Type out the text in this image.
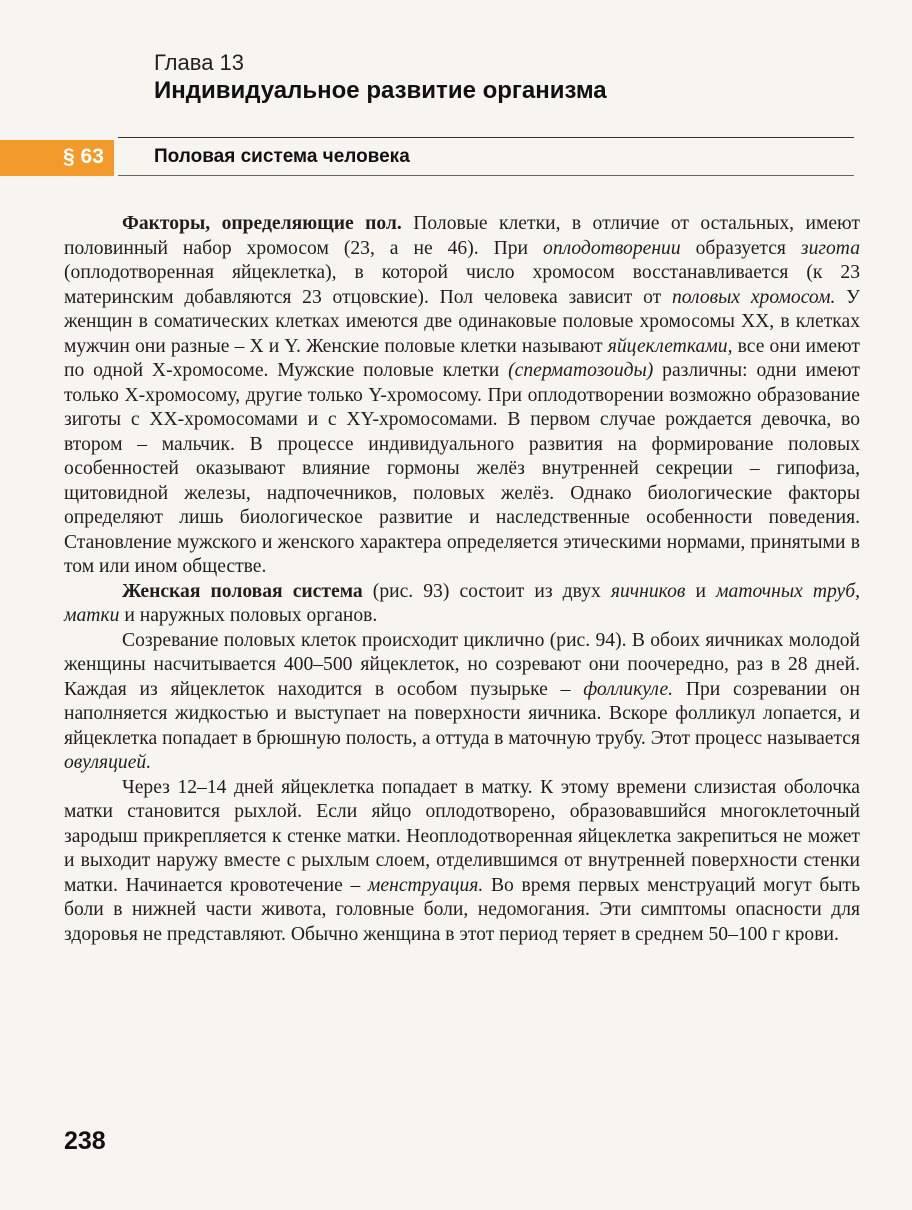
Глава 13
Индивидуальное развитие организма
§ 63	Половая система человека

Факторы, определяющие пол. Половые клетки, в отличие от остальных, имеют половинный набор хромосом (23, а не 46). При оплодотворении образуется зигота (оплодотворенная яйцеклетка), в которой число хромосом восстанавливается (к 23 материнским добавляются 23 отцовские). Пол человека зависит от половых хромосом. У женщин в соматических клетках имеются две одинаковые половые хромосомы XX, в клетках мужчин они разные – X и Y. Женские половые клетки называют яйцеклетками, все они имеют по одной X-хромосоме. Мужские половые клетки (сперматозоиды) различны: одни имеют только X-хромосому, другие только Y-хромосому. При оплодотворении возможно образование зиготы с XX-хромосомами и с XY-хромосомами. В первом случае рождается девочка, во втором – мальчик. В процессе индивидуального развития на формирование половых особенностей оказывают влияние гормоны желёз внутренней секреции – гипофиза, щитовидной железы, надпочечников, половых желёз. Однако биологические факторы определяют лишь биологическое развитие и наследственные особенности поведения. Становление мужского и женского характера определяется этическими нормами, принятыми в том или ином обществе.

Женская половая система (рис. 93) состоит из двух яичников и маточных труб, матки и наружных половых органов.

Созревание половых клеток происходит циклично (рис. 94). В обоих яичниках молодой женщины насчитывается 400–500 яйцеклеток, но созревают они поочередно, раз в 28 дней. Каждая из яйцеклеток находится в особом пузырьке – фолликуле. При созревании он наполняется жидкостью и выступает на поверхности яичника. Вскоре фолликул лопается, и яйцеклетка попадает в брюшную полость, а оттуда в маточную трубу. Этот процесс называется овуляцией.

Через 12–14 дней яйцеклетка попадает в матку. К этому времени слизистая оболочка матки становится рыхлой. Если яйцо оплодотворено, образовавшийся многоклеточный зародыш прикрепляется к стенке матки. Неоплодотворенная яйцеклетка закрепиться не может и выходит наружу вместе с рыхлым слоем, отделившимся от внутренней поверхности стенки матки. Начинается кровотечение – менструация. Во время первых менструаций могут быть боли в нижней части живота, головные боли, недомогания. Эти симптомы опасности для здоровья не представляют. Обычно женщина в этот период теряет в среднем 50–100 г крови.

238
